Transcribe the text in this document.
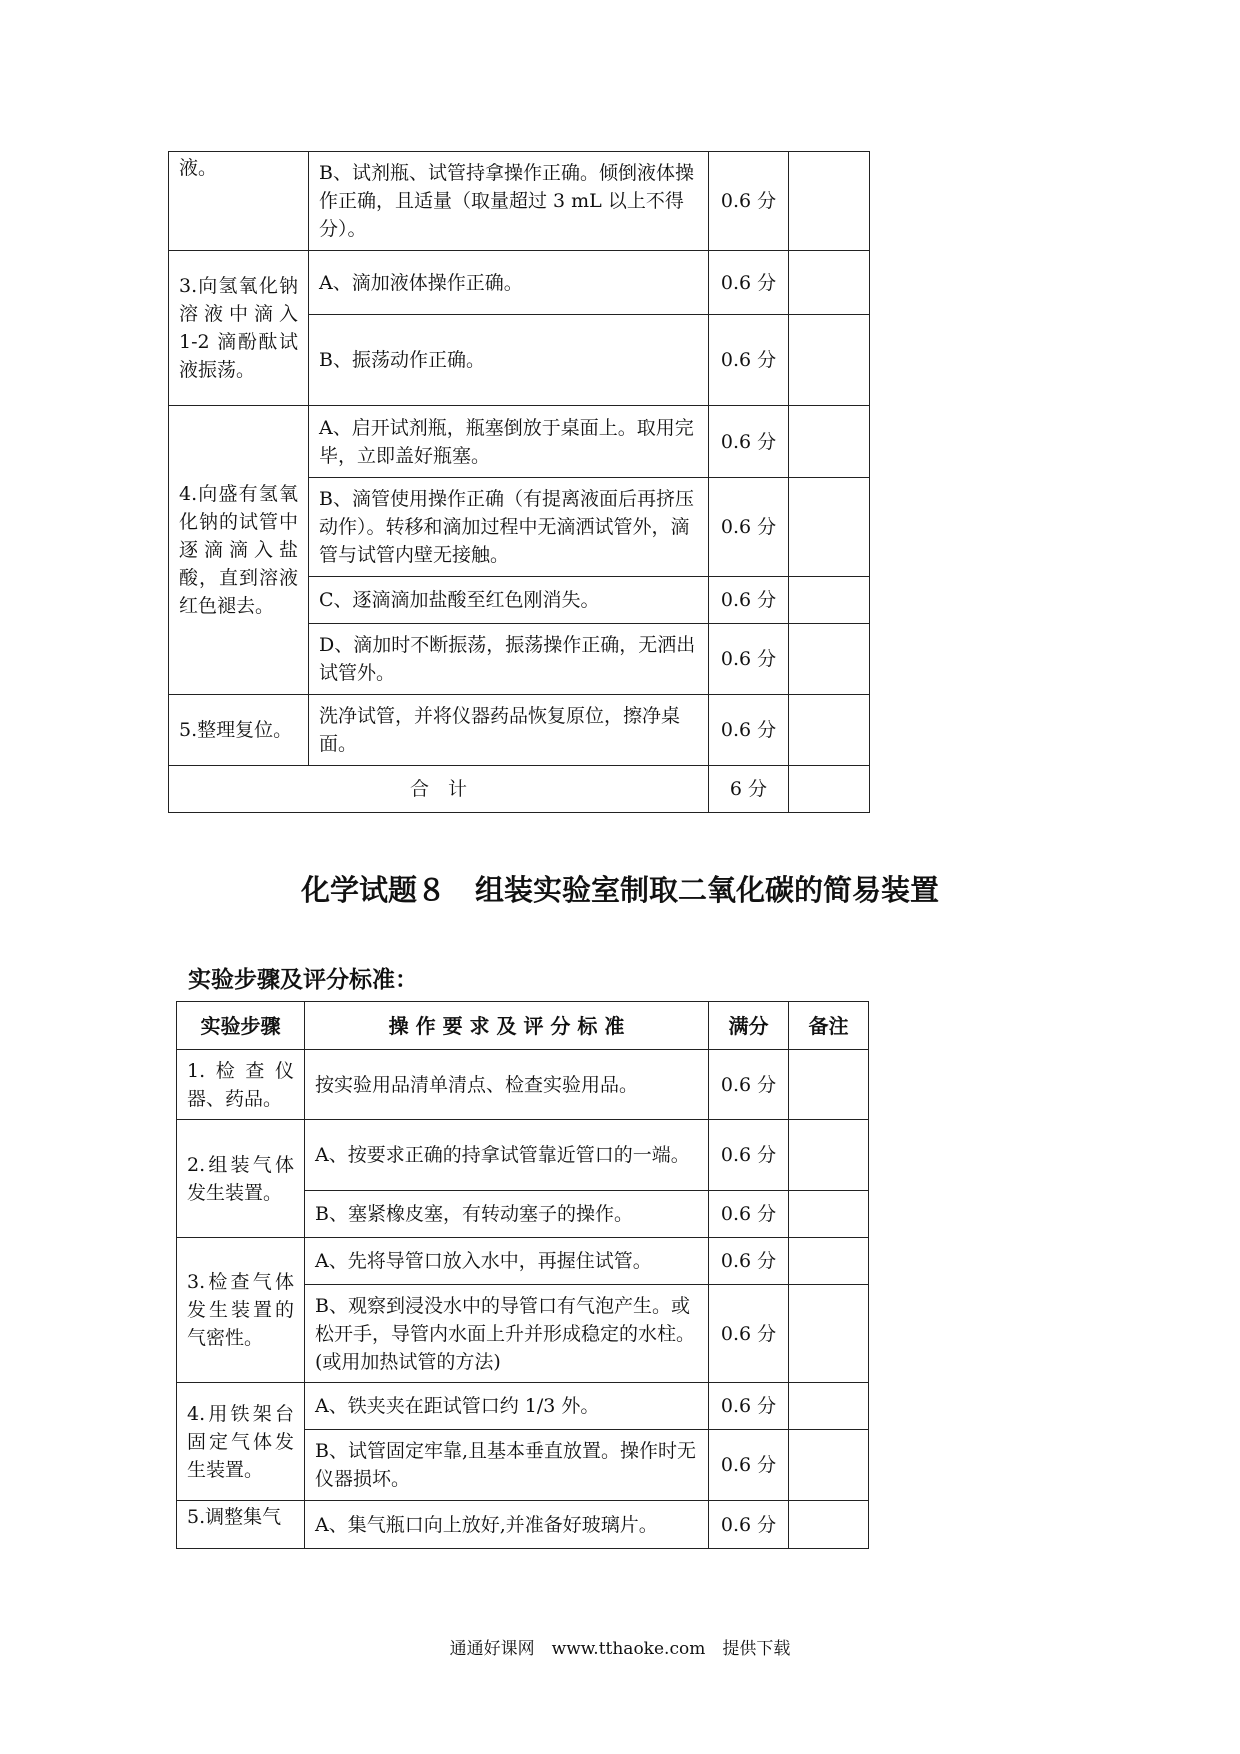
液。	B、试剂瓶、试管持拿操作正确。倾倒液体操作正确，且适量（取量超过 3 mL 以上不得分）。	0.6 分	
3.向氢氧化钠溶液中滴入 1-2 滴酚酞试液振荡。	A、滴加液体操作正确。	0.6 分	
	B、振荡动作正确。	0.6 分	
4.向盛有氢氧化钠的试管中逐滴滴入盐酸，直到溶液红色褪去。	A、启开试剂瓶，瓶塞倒放于桌面上。取用完毕，立即盖好瓶塞。	0.6 分	
	B、滴管使用操作正确（有提离液面后再挤压动作）。转移和滴加过程中无滴洒试管外，滴管与试管内壁无接触。	0.6 分	
	C、逐滴滴加盐酸至红色刚消失。	0.6 分	
	D、滴加时不断振荡，振荡操作正确，无洒出试管外。	0.6 分	
5.整理复位。	洗净试管，并将仪器药品恢复原位，擦净桌面。	0.6 分	
合　计		6 分	
化学试题８　组装实验室制取二氧化碳的简易装置
实验步骤及评分标准：
实验步骤	操 作 要 求 及 评 分 标 准	满分	备注
1.检查仪器、药品。	按实验用品清单清点、检查实验用品。	0.6 分	
2.组装气体发生装置。	A、按要求正确的持拿试管靠近管口的一端。	0.6 分	
	B、塞紧橡皮塞，有转动塞子的操作。	0.6 分	
3.检查气体发生装置的气密性。	A、先将导管口放入水中，再握住试管。	0.6 分	
	B、观察到浸没水中的导管口有气泡产生。或松开手，导管内水面上升并形成稳定的水柱。(或用加热试管的方法)	0.6 分	
4.用铁架台固定气体发生装置。	A、铁夹夹在距试管口约 1/3 外。	0.6 分	
	B、试管固定牢靠,且基本垂直放置。操作时无仪器损坏。	0.6 分	
5.调整集气	A、集气瓶口向上放好,并准备好玻璃片。	0.6 分	
通通好课网　www.tthaoke.com　提供下载
